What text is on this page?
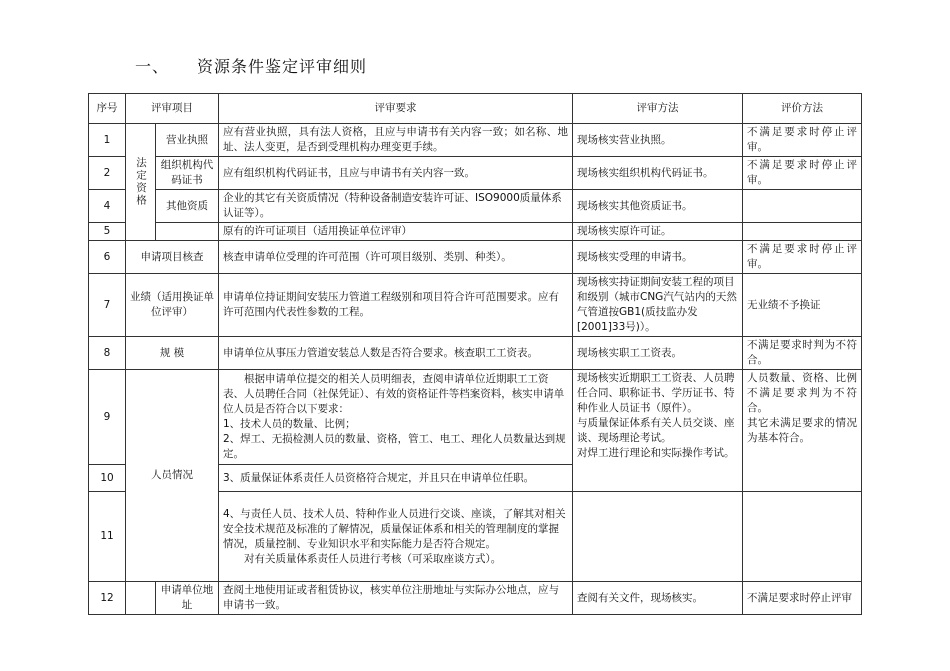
一、 资源条件鉴定评审细则
序号	评审项目		评审要求	评审方法	评价方法
1	法定资格	营业执照	应有营业执照，具有法人资格，且应与申请书有关内容一致；如名称、地址、法人变更，是否到受理机构办理变更手续。	现场核实营业执照。	不满足要求时停止评审。
2		组织机构代码证书	应有组织机构代码证书，且应与申请书有关内容一致。	现场核实组织机构代码证书。	不满足要求时停止评审。
4		其他资质	企业的其它有关资质情况（特种设备制造安装许可证、ISO9000质量体系认证等）。	现场核实其他资质证书。	
5			原有的许可证项目（适用换证单位评审）	现场核实原许可证。	
6	申请项目核查		核查申请单位受理的许可范围（许可项目级别、类别、种类）。	现场核实受理的申请书。	不满足要求时停止评审。
7	业绩（适用换证单位评审）		申请单位持证期间安装压力管道工程级别和项目符合许可范围要求。应有许可范围内代表性参数的工程。	现场核实持证期间安装工程的项目和级别（城市CNG汽气站内的天然气管道按GB1(质技监办发[2001]33号)）。	无业绩不予换证
8	规 模		申请单位从事压力管道安装总人数是否符合要求。核查职工工资表。	现场核实职工工资表。	不满足要求时判为不符合。
9	人员情况		　　根据申请单位提交的相关人员明细表，查阅申请单位近期职工工资表、人员聘任合同（社保凭证）、有效的资格证件等档案资料，核实申请单位人员是否符合以下要求：
1、技术人员的数量、比例；
2、焊工、无损检测人员的数量、资格，管工、电工、理化人员数量达到规定。	现场核实近期职工工资表、人员聘任合同、职称证书、学历证书、特种作业人员证书（原件）。
与质量保证体系有关人员交谈、座谈、现场理论考试。
对焊工进行理论和实际操作考试。	人员数量、资格、比例不满足要求判为不符合。
其它未满足要求的情况为基本符合。
10			3、质量保证体系责任人员资格符合规定，并且只在申请单位任职。		
11			4、与责任人员、技术人员、特种作业人员进行交谈、座谈，了解其对相关安全技术规范及标准的了解情况，质量保证体系和相关的管理制度的掌握情况，质量控制、专业知识水平和实际能力是否符合规定。
　　对有关质量体系责任人员进行考核（可采取座谈方式）。		
12		申请单位地址	查阅土地使用证或者租赁协议，核实单位注册地址与实际办公地点，应与申请书一致。	查阅有关文件，现场核实。	不满足要求时停止评审
